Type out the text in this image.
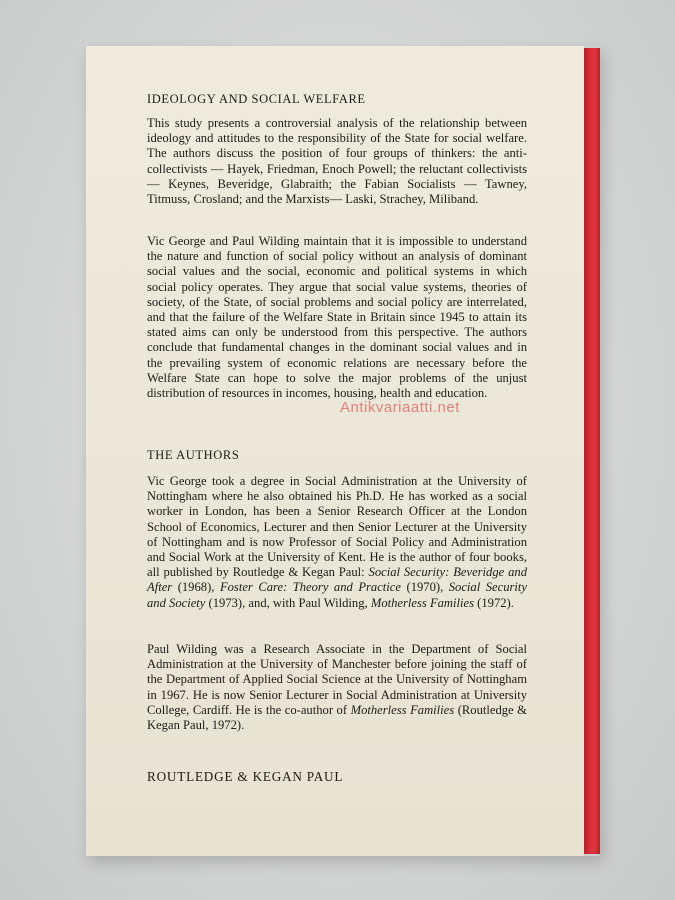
IDEOLOGY AND SOCIAL WELFARE

This study presents a controversial analysis of the relationship between ideology and attitudes to the responsibility of the State for social welfare. The authors discuss the position of four groups of thinkers: the anti-collectivists — Hayek, Friedman, Enoch Powell; the reluctant collectivists — Keynes, Beveridge, Glabraith; the Fabian Socialists — Tawney, Titmuss, Crosland; and the Marxists— Laski, Strachey, Miliband.

Vic George and Paul Wilding maintain that it is impossible to understand the nature and function of social policy without an analysis of dominant social values and the social, economic and political systems in which social policy operates. They argue that social value systems, theories of society, of the State, of social problems and social policy are interrelated, and that the failure of the Welfare State in Britain since 1945 to attain its stated aims can only be understood from this perspective. The authors conclude that fundamental changes in the dominant social values and in the prevailing system of economic relations are necessary before the Welfare State can hope to solve the major problems of the unjust distribution of resources in incomes, housing, health and education.

THE AUTHORS

Vic George took a degree in Social Administration at the University of Nottingham where he also obtained his Ph.D. He has worked as a social worker in London, has been a Senior Research Officer at the London School of Economics, Lecturer and then Senior Lecturer at the University of Nottingham and is now Professor of Social Policy and Administration and Social Work at the University of Kent. He is the author of four books, all published by Routledge & Kegan Paul: Social Security: Beveridge and After (1968), Foster Care: Theory and Practice (1970), Social Security and Society (1973), and, with Paul Wilding, Motherless Families (1972).

Paul Wilding was a Research Associate in the Department of Social Administration at the University of Manchester before joining the staff of the Department of Applied Social Science at the University of Nottingham in 1967. He is now Senior Lecturer in Social Administration at University College, Cardiff. He is the co-author of Motherless Families (Routledge & Kegan Paul, 1972).

ROUTLEDGE & KEGAN PAUL
Antikvariaatti.net
